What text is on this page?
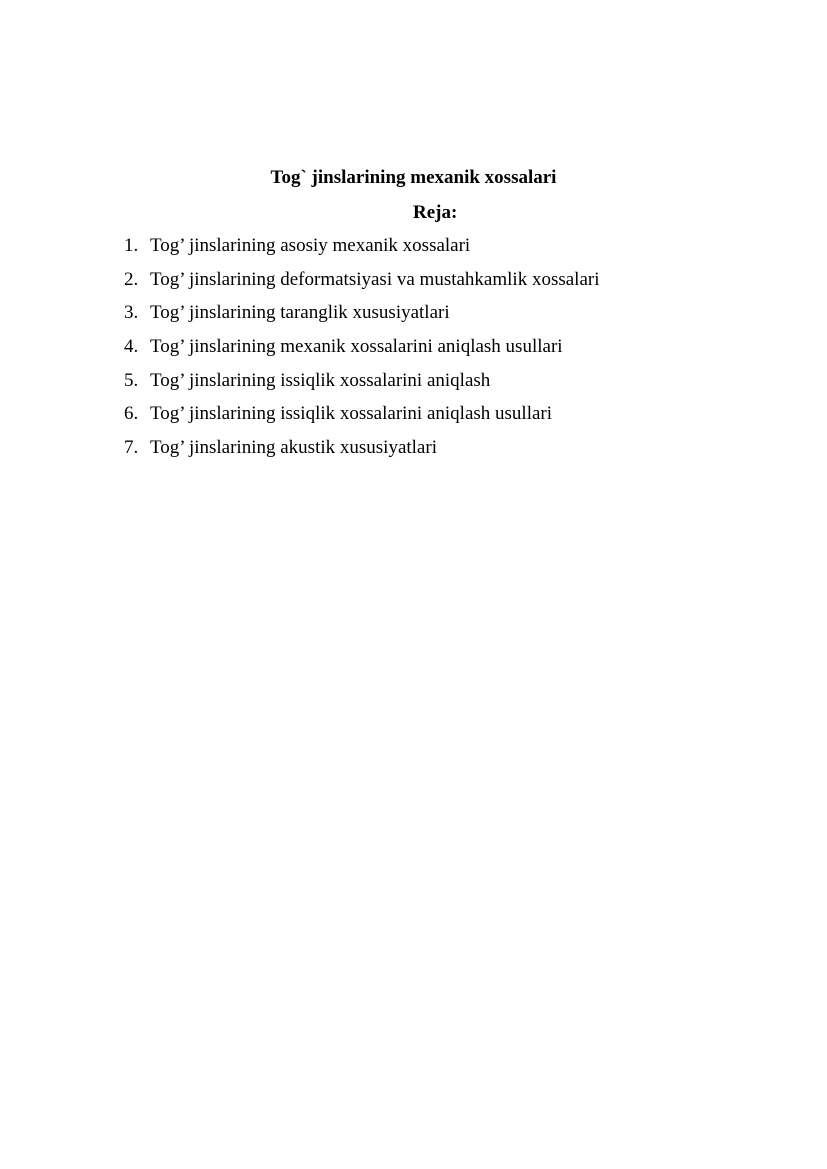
Tog` jinslarining mexanik xossalari
Reja:
1. Tog’ jinslarining asosiy mexanik xossalari
2. Tog’ jinslarining deformatsiyasi va mustahkamlik xossalari
3. Tog’ jinslarining taranglik xususiyatlari
4. Tog’ jinslarining mexanik xossalarini aniqlash usullari
5. Tog’ jinslarining issiqlik xossalarini aniqlash
6. Tog’ jinslarining issiqlik xossalarini aniqlash usullari
7. Tog’ jinslarining akustik xususiyatlari
